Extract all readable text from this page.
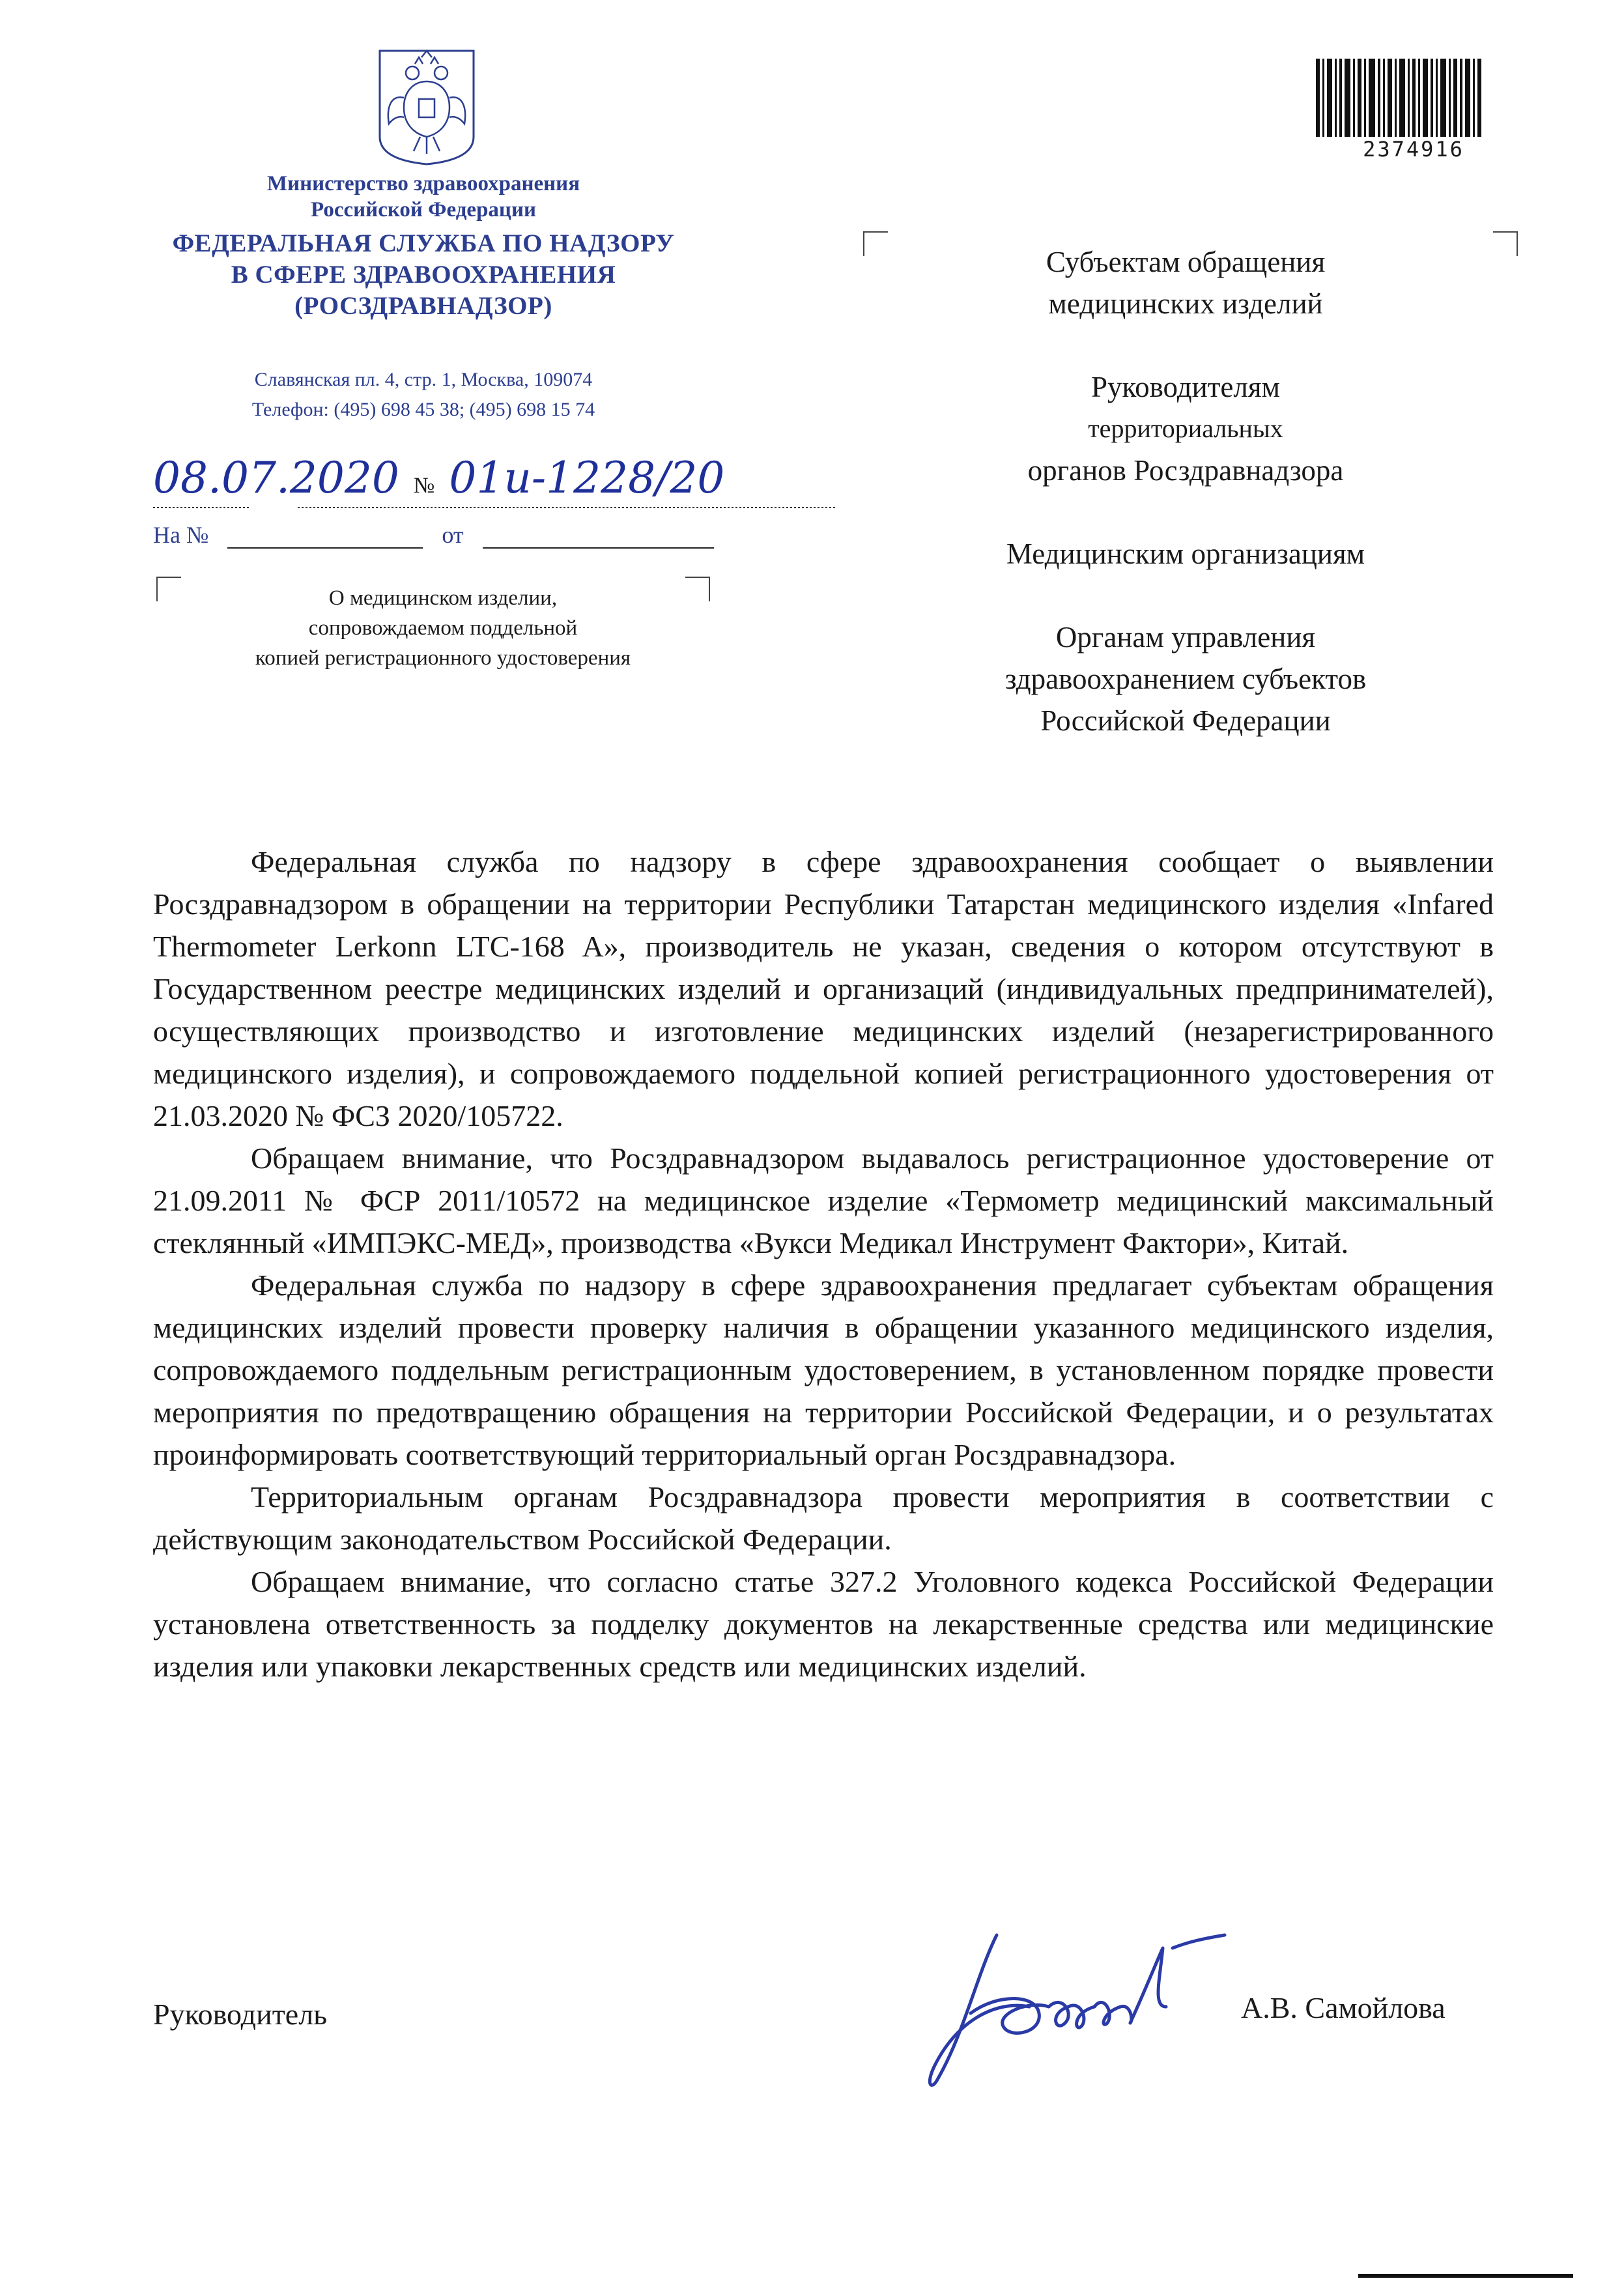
Министерство здравоохранения
Российской Федерации
ФЕДЕРАЛЬНАЯ СЛУЖБА ПО НАДЗОРУ
В СФЕРЕ ЗДРАВООХРАНЕНИЯ
(РОСЗДРАВНАДЗОР)
Славянская пл. 4, стр. 1, Москва, 109074
Телефон: (495) 698 45 38; (495) 698 15 74
08.07.2020 № 01и-1228/20
На №	от
О медицинском изделии,
сопровождаемом поддельной
копией регистрационного удостоверения
2374916
Субъектам обращения
медицинских изделий
Руководителям
территориальных
органов Росздравнадзора
Медицинским организациям
Органам управления
здравоохранением субъектов
Российской Федерации

Федеральная служба по надзору в сфере здравоохранения сообщает о выявлении Росздравнадзором в обращении на территории Республики Татарстан медицинского изделия «Infared Thermometer Lerkonn LTC-168 A», производитель не указан, сведения о котором отсутствуют в Государственном реестре медицинских изделий и организаций (индивидуальных предпринимателей), осуществляющих производство и изготовление медицинских изделий (незарегистрированного медицинского изделия), и сопровождаемого поддельной копией регистрационного удостоверения от 21.03.2020 № ФСЗ 2020/105722.

Обращаем внимание, что Росздравнадзором выдавалось регистрационное удостоверение от 21.09.2011 № ФСР 2011/10572 на медицинское изделие «Термометр медицинский максимальный стеклянный «ИМПЭКС-МЕД», производства «Вукси Медикал Инструмент Фактори», Китай.

Федеральная служба по надзору в сфере здравоохранения предлагает субъектам обращения медицинских изделий провести проверку наличия в обращении указанного медицинского изделия, сопровождаемого поддельным регистрационным удостоверением, в установленном порядке провести мероприятия по предотвращению обращения на территории Российской Федерации, и о результатах проинформировать соответствующий территориальный орган Росздравнадзора.

Территориальным органам Росздравнадзора провести мероприятия в соответствии с действующим законодательством Российской Федерации.

Обращаем внимание, что согласно статье 327.2 Уголовного кодекса Российской Федерации установлена ответственность за подделку документов на лекарственные средства или медицинские изделия или упаковки лекарственных средств или медицинских изделий.

Руководитель	А.В. Самойлова
